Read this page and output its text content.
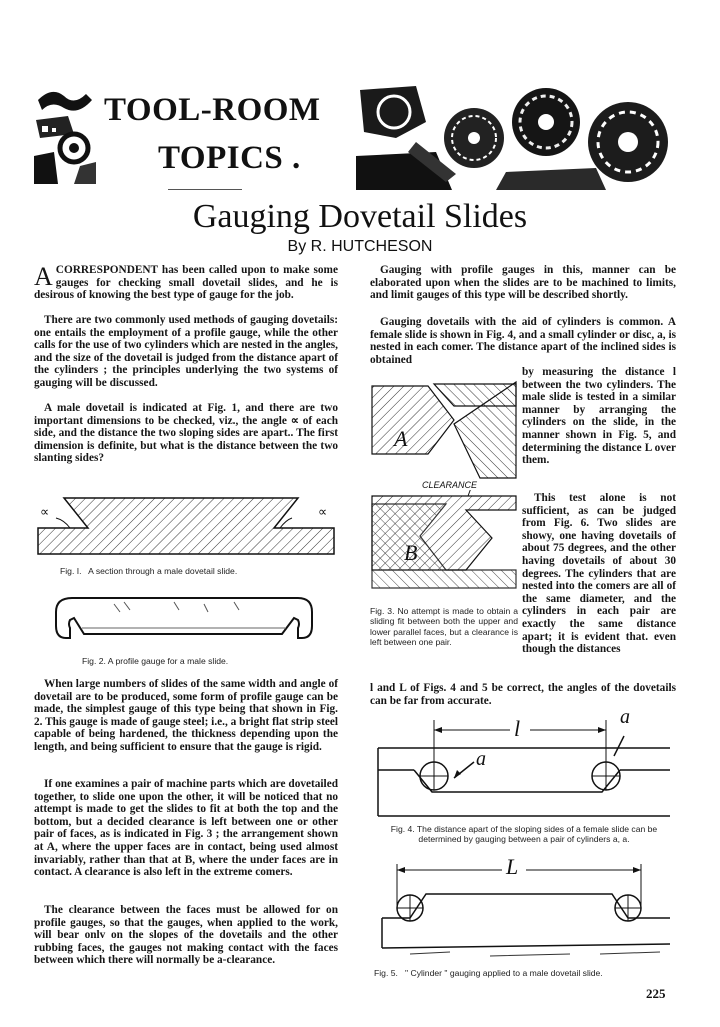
TOOL-ROOM
TOPICS .
Gauging Dovetail Slides
By R. HUTCHESON
ACORRESPONDENT has been called upon to make some gauges for checking small dovetail slides, and he is desirous of knowing the best type of gauge for the job.
There are two commonly used methods of gauging dovetails: one entails the employment of a profile gauge, while the other calls for the use of two cylinders which are nested in the angles, and the size of the dovetail is judged from the distance apart of the cylinders ; the principles underlying the two systems of gauging will be discussed.
A male dovetail is indicated at Fig. 1, and there are two important dimensions to be checked, viz., the angle ∝ of each side, and the distance the two sloping sides are apart.. The first dimension is definite, but what is the distance between the two slanting sides?
∝	∝
Fig. I.   A section through a male dovetail slide.
Fig. 2. A profile gauge for a male slide.
When large numbers of slides of the same width and angle of dovetail are to be produced, some form of profile gauge can be made, the simplest gauge of this type being that shown in Fig. 2. This gauge is made of gauge steel; i.e., a bright flat strip steel capable of being hardened, the thickness depending upon the length, and being sufficient to ensure that the gauge is rigid.
If one examines a pair of machine parts which are dovetailed together, to slide one upon the other, it will be noticed that no attempt is made to get the slides to fit at both the top and the bottom, but a decided clearance is left between one or other pair of faces, as is indicated in Fig. 3 ; the arrangement shown at A, where the upper faces are in contact, being used almost invariably, rather than that at B, where the under faces are in contact. A clearance is also left in the extreme comers.
The clearance between the faces must be allowed for on profile gauges, so that the gauges, when applied to the work, will bear onlv on the slopes of the dovetails and the other rubbing faces, the gauges not making contact with the faces between which there will normally be a-clearance.
Gauging with profile gauges in this, manner can be elaborated upon when the slides are to be machined to limits, and limit gauges of this type will be described shortly.
Gauging dovetails with the aid of cylinders is common. A female slide is shown in Fig. 4, and a small cylinder or disc, a, is nested in each comer. The distance apart of the inclined sides is obtained
by measuring the distance l between the two cylinders. The male slide is tested in a similar manner by arranging the cylinders on the slide, in the manner shown in Fig. 5, and determining the distance L over them.
A
B
CLEARANCE
Fig. 3. No attempt is made to obtain a sliding fit between both the upper and lower parallel faces, but a clearance is left between one pair.
This test alone is not sufficient, as can be judged from Fig. 6. Two slides are showy, one having dovetails of about 75 degrees, and the other having dovetails of about 30 degrees. The cylinders that are nested into the comers are all of the same diameter, and the cylinders in each pair are exactly the same distance apart; it is evident that. even though the distances
l and L of Figs. 4 and 5 be correct, the angles of the dovetails can be far from accurate.
l
a
a
Fig. 4. The distance apart of the sloping sides of a female slide can be determined by gauging between a pair of cylinders a, a.
L
Fig. 5.   " Cylinder " gauging applied to a male dovetail slide.
225
